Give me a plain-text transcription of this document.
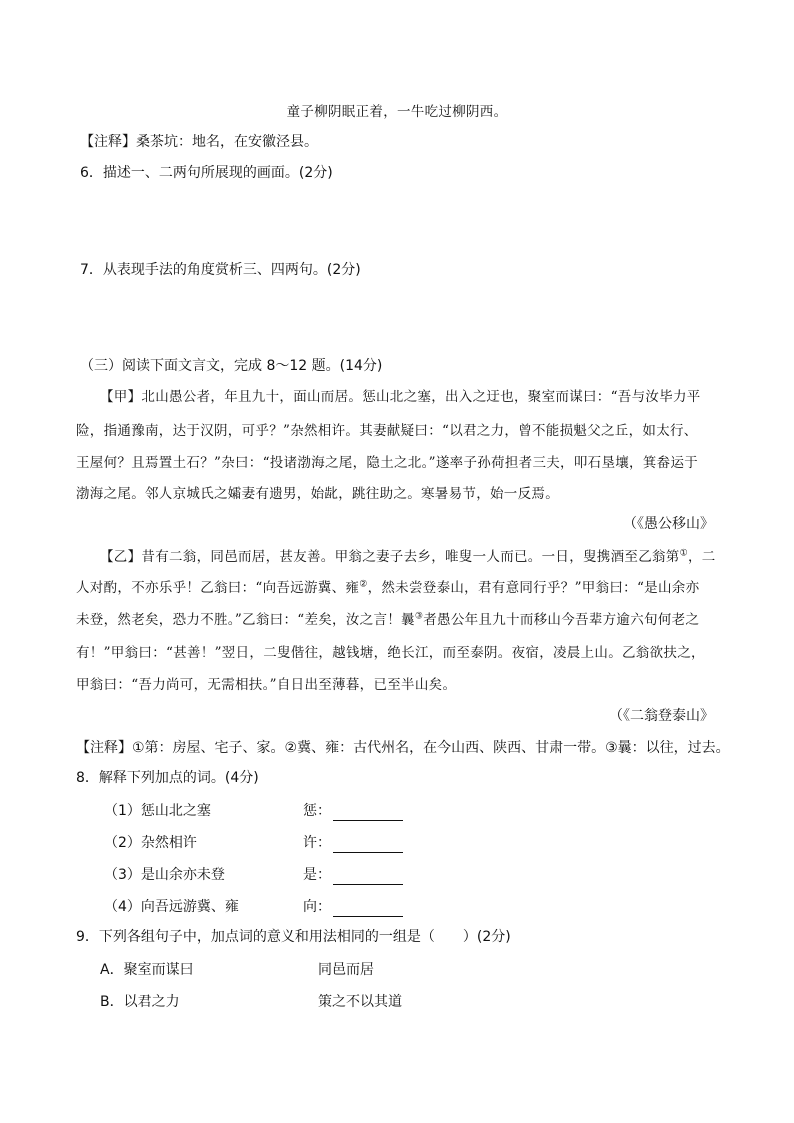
童子柳阴眠正着，一牛吃过柳阴西。
【注释】桑茶坑：地名，在安徽泾县。
6．描述一、二两句所展现的画面。(2分)
7．从表现手法的角度赏析三、四两句。(2分)
（三）阅读下面文言文，完成 8～12 题。(14分)
【甲】北山愚公者，年且九十，面山而居。惩山北之塞，出入之迂也，聚室而谋曰：“吾与汝毕力平
险，指通豫南，达于汉阴，可乎？”杂然相许。其妻献疑曰：“以君之力，曾不能损魁父之丘，如太行、
王屋何？且焉置土石？”杂曰：“投诸渤海之尾，隐土之北。”遂率子孙荷担者三夫，叩石垦壤，箕畚运于
渤海之尾。邻人京城氏之孀妻有遗男，始龀，跳往助之。寒暑易节，始一反焉。
（《愚公移山》
【乙】昔有二翁，同邑而居，甚友善。甲翁之妻子去乡，唯叟一人而已。一日，叟携酒至乙翁第①，二
人对酌，不亦乐乎！乙翁曰：“向吾远游冀、雍②，然未尝登泰山，君有意同行乎？”甲翁曰：“是山余亦
未登，然老矣，恐力不胜。”乙翁曰：“差矣，汝之言！曩③者愚公年且九十而移山今吾辈方逾六旬何老之
有！”甲翁曰：“甚善！”翌日，二叟偕往，越钱塘，绝长江，而至泰阴。夜宿，凌晨上山。乙翁欲扶之，
甲翁曰：“吾力尚可，无需相扶。”自日出至薄暮，已至半山矣。
（《二翁登泰山》
【注释】①第：房屋、宅子、家。②冀、雍：古代州名，在今山西、陕西、甘肃一带。③曩：以往，过去。
8．解释下列加点的词。(4分)
（1）惩山北之塞	惩：
（2）杂然相许	许：
（3）是山余亦未登	是：
（4）向吾远游冀、雍	向：
9．下列各组句子中，加点词的意义和用法相同的一组是（　　）(2分)
A．聚室而谋曰	同邑而居
B．以君之力	策之不以其道
